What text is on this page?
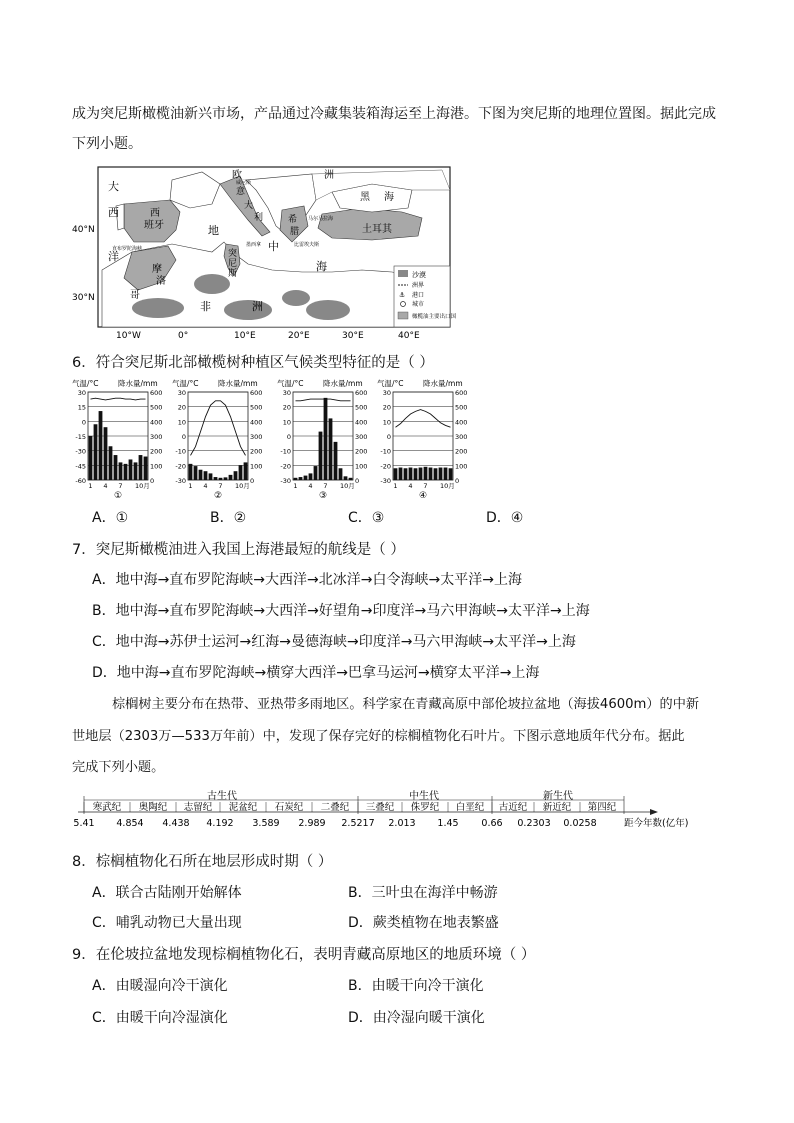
成为突尼斯橄榄油新兴市场，产品通过冷藏集装箱海运至上海港。下图为突尼斯的地理位置图。据此完成
下列小题。
大
西
洋
欧	洲
西
班牙
意
大
利	希
腊
黑 海
土耳其
地
中
海
突
尼
斯
摩
洛
哥
非	洲
直布罗陀海峡
马尔马拉海
威尼斯
比雷埃夫斯
墨西拿
40°N
30°N
10°W	0°	10°E	20°E	30°E	40°E
沙漠
洲界
⚓ 港口
城市
橄榄油主要出口国
6．符合突尼斯北部橄榄树种植区气候类型特征的是（ ）
气温/°C	降水量/mm
30	600
15	500
0	400
-15	300
-30	200
-45	100
-60	0
1 4 7 10月
①
气温/°C	降水量/mm
30	600
20	500
10	400
0	300
-10	200
-20	100
-30	0
1 4 7 10月
②
气温/°C	降水量/mm
30	600
20	500
10	400
0	300
-10	200
-20	100
-30	0
1 4 7 10月
③
气温/°C	降水量/mm
30	600
20	500
10	400
0	300
-10	200
-20	100
-30	0
1 4 7 10月
④
A．①	B．②	C．③	D．④
7．突尼斯橄榄油进入我国上海港最短的航线是（ ）
A．地中海→直布罗陀海峡→大西洋→北冰洋→白令海峡→太平洋→上海
B．地中海→直布罗陀海峡→大西洋→好望角→印度洋→马六甲海峡→太平洋→上海
C．地中海→苏伊士运河→红海→曼德海峡→印度洋→马六甲海峡→太平洋→上海
D．地中海→直布罗陀海峡→横穿大西洋→巴拿马运河→横穿太平洋→上海
棕榈树主要分布在热带、亚热带多雨地区。科学家在青藏高原中部伦坡拉盆地（海拔4600m）的中新
世地层（2303万—533万年前）中，发现了保存完好的棕榈植物化石叶片。下图示意地质年代分布。据此
完成下列小题。
古生代	中生代	新生代
寒武纪
5.41
奥陶纪
4.854
志留纪
4.438
泥盆纪
4.192
石炭纪
3.589
二叠纪
2.989
三叠纪
2.5217
侏罗纪
2.013
白垩纪
1.45
古近纪
0.66
新近纪
0.2303
第四纪
0.0258	距今年数(亿年)
8．棕榈植物化石所在地层形成时期（ ）
A．联合古陆刚开始解体	B．三叶虫在海洋中畅游
C．哺乳动物已大量出现	D．蕨类植物在地表繁盛
9．在伦坡拉盆地发现棕榈植物化石，表明青藏高原地区的地质环境（ ）
A．由暖湿向冷干演化	B．由暖干向冷干演化
C．由暖干向冷湿演化	D．由冷湿向暖干演化
